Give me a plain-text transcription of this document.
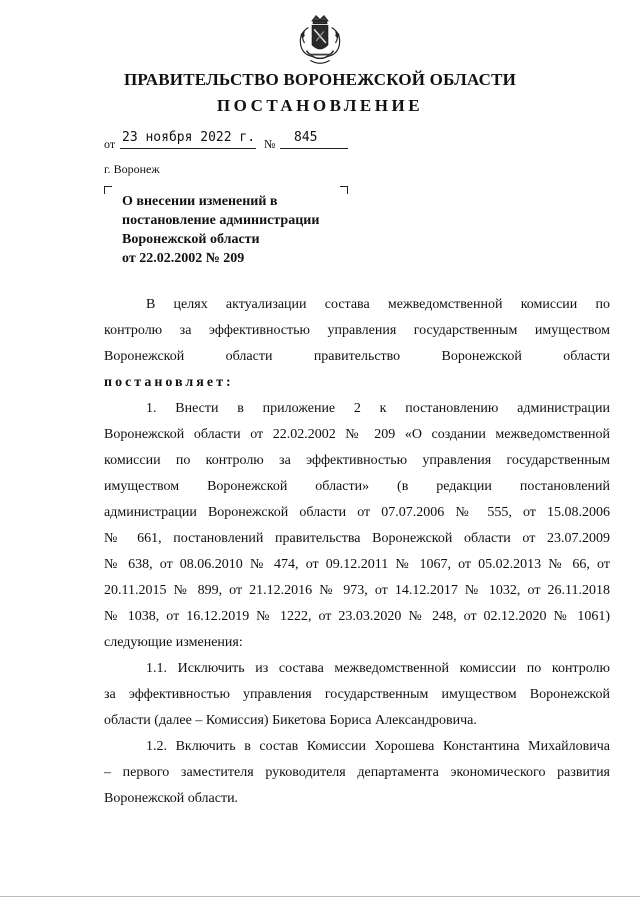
ПРАВИТЕЛЬСТВО ВОРОНЕЖСКОЙ ОБЛАСТИ
ПОСТАНОВЛЕНИЕ
от 23 ноября 2022 г. № 845
г. Воронеж
О внесении изменений в
постановление администрации
Воронежской области
от 22.02.2002 № 209
В целях актуализации состава межведомственной комиссии по
контролю за эффективностью управления государственным имуществом
Воронежской области правительство Воронежской области
постановляет:
1. Внести в приложение 2 к постановлению администрации
Воронежской области от 22.02.2002 № 209 «О создании межведомственной
комиссии по контролю за эффективностью управления государственным
имуществом Воронежской области» (в редакции постановлений
администрации Воронежской области от 07.07.2006 № 555, от 15.08.2006
№ 661, постановлений правительства Воронежской области от 23.07.2009
№ 638, от 08.06.2010 № 474, от 09.12.2011 № 1067, от 05.02.2013 № 66, от
20.11.2015 № 899, от 21.12.2016 № 973, от 14.12.2017 № 1032, от 26.11.2018
№ 1038, от 16.12.2019 № 1222, от 23.03.2020 № 248, от 02.12.2020 № 1061)
следующие изменения:
1.1. Исключить из состава межведомственной комиссии по контролю
за эффективностью управления государственным имуществом Воронежской
области (далее – Комиссия) Бикетова Бориса Александровича.
1.2. Включить в состав Комиссии Хорошева Константина Михайловича
– первого заместителя руководителя департамента экономического развития
Воронежской области.
